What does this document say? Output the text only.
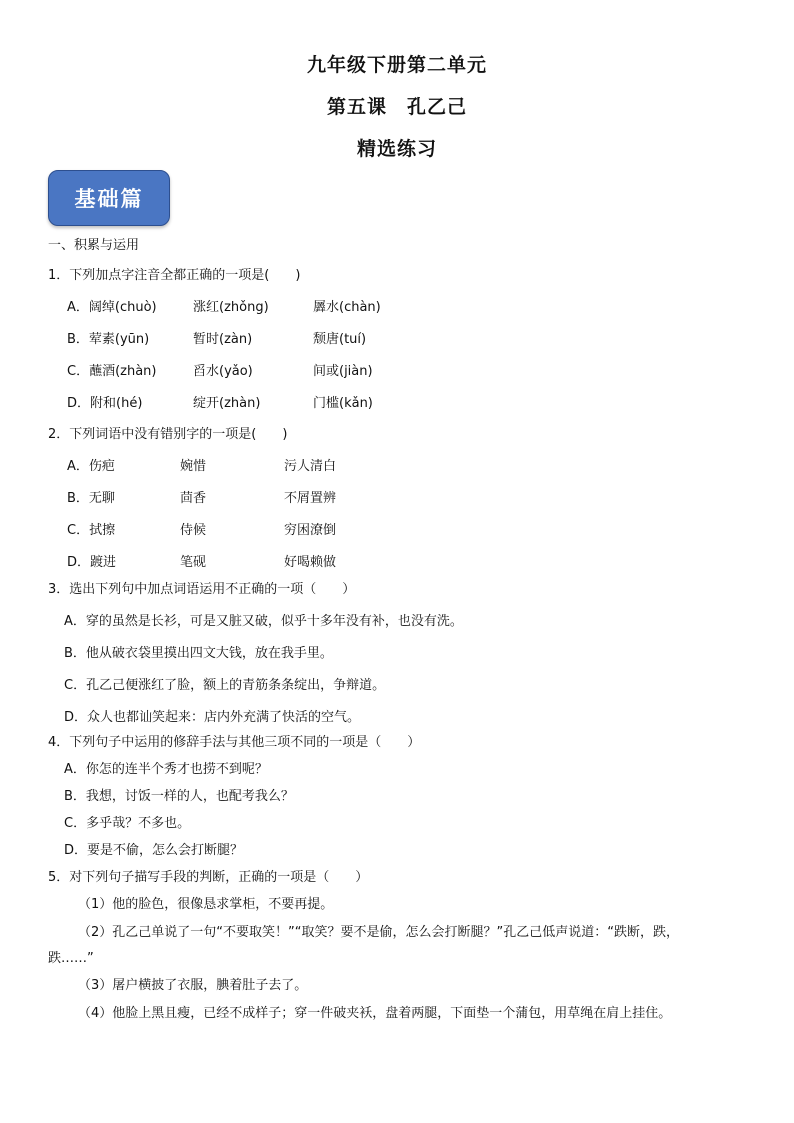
九年级下册第二单元
第五课　孔乙己
精选练习
基础篇
一、积累与运用
1．下列加点字注音全都正确的一项是(　　)
A．阔绰(chuò)	涨红(zhǒng)	羼水(chàn)
B．荤素(yūn)	暂时(zàn)	颓唐(tuí)
C．蘸酒(zhàn)	舀水(yǎo)	间或(jiàn)
D．附和(hé)	绽开(zhàn)	门槛(kǎn)
2．下列词语中没有错别字的一项是(　　)
A．伤疤	婉惜	污人清白
B．无聊	茴香	不屑置辨
C．拭擦	侍候	穷困潦倒
D．踱进	笔砚	好喝赖做
3．选出下列句中加点词语运用不正确的一项（　　）
A．穿的虽然是长衫，可是又脏又破，似乎十多年没有补，也没有洗。
B．他从破衣袋里摸出四文大钱，放在我手里。
C．孔乙己便涨红了脸，额上的青筋条条绽出，争辩道。
D．众人也都讪笑起来：店内外充满了快活的空气。
4．下列句子中运用的修辞手法与其他三项不同的一项是（　　）
A．你怎的连半个秀才也捞不到呢？
B．我想，讨饭一样的人，也配考我么？
C．多乎哉？不多也。
D．要是不偷，怎么会打断腿？
5．对下列句子描写手段的判断，正确的一项是（　　）
（1）他的脸色，很像恳求掌柜，不要再提。
（2）孔乙己单说了一句“不要取笑！”“取笑？要不是偷，怎么会打断腿？”孔乙己低声说道：“跌断，跌，
跌……”
（3）屠户横披了衣服，腆着肚子去了。
（4）他脸上黑且瘦，已经不成样子；穿一件破夹袄，盘着两腿，下面垫一个蒲包，用草绳在肩上挂住。
